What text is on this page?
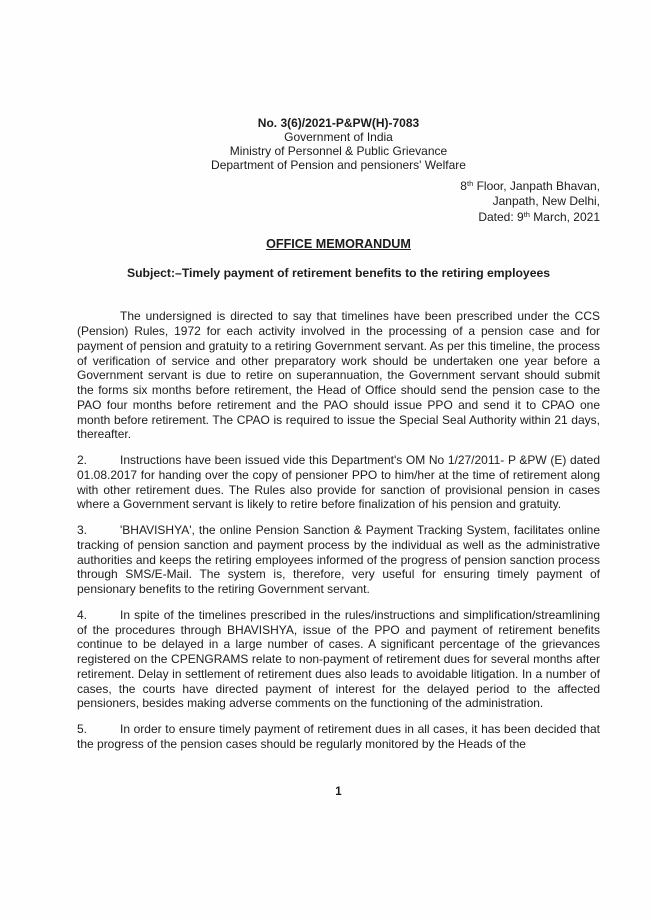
No. 3(6)/2021-P&PW(H)-7083
Government of India
Ministry of Personnel & Public Grievance
Department of Pension and pensioners' Welfare
8th Floor, Janpath Bhavan,
Janpath, New Delhi,
Dated: 9th March, 2021
OFFICE MEMORANDUM
Subject:–Timely payment of retirement benefits to the retiring employees

The undersigned is directed to say that timelines have been prescribed under the CCS (Pension) Rules, 1972 for each activity involved in the processing of a pension case and for payment of pension and gratuity to a retiring Government servant. As per this timeline, the process of verification of service and other preparatory work should be undertaken one year before a Government servant is due to retire on superannuation, the Government servant should submit the forms six months before retirement, the Head of Office should send the pension case to the PAO four months before retirement and the PAO should issue PPO and send it to CPAO one month before retirement. The CPAO is required to issue the Special Seal Authority within 21 days, thereafter.

2.	Instructions have been issued vide this Department's OM No 1/27/2011- P &PW (E) dated 01.08.2017 for handing over the copy of pensioner PPO to him/her at the time of retirement along with other retirement dues. The Rules also provide for sanction of provisional pension in cases where a Government servant is likely to retire before finalization of his pension and gratuity.

3.	'BHAVISHYA', the online Pension Sanction & Payment Tracking System, facilitates online tracking of pension sanction and payment process by the individual as well as the administrative authorities and keeps the retiring employees informed of the progress of pension sanction process through SMS/E-Mail. The system is, therefore, very useful for ensuring timely payment of pensionary benefits to the retiring Government servant.

4.	In spite of the timelines prescribed in the rules/instructions and simplification/streamlining of the procedures through BHAVISHYA, issue of the PPO and payment of retirement benefits continue to be delayed in a large number of cases. A significant percentage of the grievances registered on the CPENGRAMS relate to non-payment of retirement dues for several months after retirement. Delay in settlement of retirement dues also leads to avoidable litigation. In a number of cases, the courts have directed payment of interest for the delayed period to the affected pensioners, besides making adverse comments on the functioning of the administration.

5.	In order to ensure timely payment of retirement dues in all cases, it has been decided that the progress of the pension cases should be regularly monitored by the Heads of the

1
